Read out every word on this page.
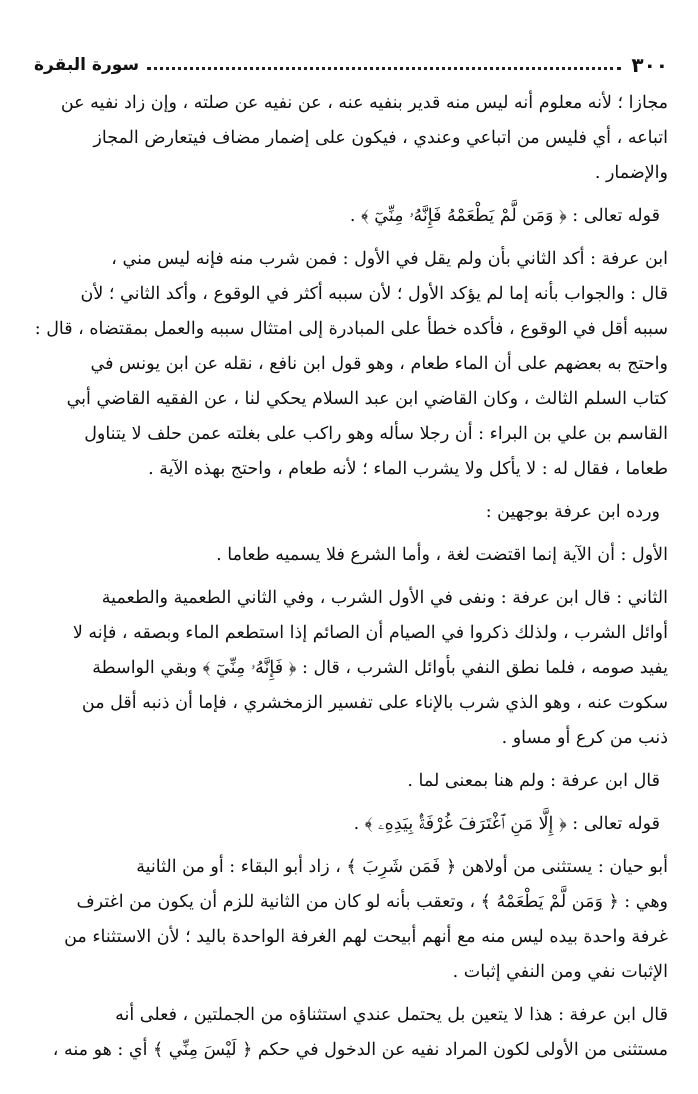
٣٠٠
سورة البقرة

مجازا ؛ لأنه معلوم أنه ليس منه قدير بنفيه عنه ، عن نفيه عن صلته ، وإن زاد نفيه عن
اتباعه ، أي فليس من اتباعي وعندي ، فيكون على إضمار مضاف فيتعارض المجاز
والإضمار .

قوله تعالى : ﴿ وَمَن لَّمْ يَطْعَمْهُ فَإِنَّهُۥ مِنِّيٓ ﴾ .

ابن عرفة : أكد الثاني بأن ولم يقل في الأول : فمن شرب منه فإنه ليس مني ،
قال : والجواب بأنه إما لم يؤكد الأول ؛ لأن سببه أكثر في الوقوع ، وأكد الثاني ؛ لأن
سببه أقل في الوقوع ، فأكده خطأ على المبادرة إلى امتثال سببه والعمل بمقتضاه ، قال :
واحتج به بعضهم على أن الماء طعام ، وهو قول ابن نافع ، نقله عن ابن يونس في
كتاب السلم الثالث ، وكان القاضي ابن عبد السلام يحكي لنا ، عن الفقيه القاضي أبي
القاسم بن علي بن البراء : أن رجلا سأله وهو راكب على بغلته عمن حلف لا يتناول
طعاما ، فقال له : لا يأكل ولا يشرب الماء ؛ لأنه طعام ، واحتج بهذه الآية .

ورده ابن عرفة بوجهين :

الأول : أن الآية إنما اقتضت لغة ، وأما الشرع فلا يسميه طعاما .

الثاني : قال ابن عرفة : ونفى في الأول الشرب ، وفي الثاني الطعمية والطعمية
أوائل الشرب ، ولذلك ذكروا في الصيام أن الصائم إذا استطعم الماء وبصقه ، فإنه لا
يفيد صومه ، فلما نطق النفي بأوائل الشرب ، قال : ﴿ فَإِنَّهُۥ مِنِّيٓ ﴾ وبقي الواسطة
سكوت عنه ، وهو الذي شرب بالإناء على تفسير الزمخشري ، فإما أن ذنبه أقل من
ذنب من كرع أو مساو .

قال ابن عرفة : ولم هنا بمعنى لما .

قوله تعالى : ﴿ إِلَّا مَنِ ٱغْتَرَفَ غُرْفَةًۢ بِيَدِهِۦ ﴾ .

أبو حيان : يستثنى من أولاهن ﴿ فَمَن شَرِبَ ﴾ ، زاد أبو البقاء : أو من الثانية
وهي : ﴿ وَمَن لَّمْ يَطْعَمْهُ ﴾ ، وتعقب بأنه لو كان من الثانية للزم أن يكون من اغترف
غرفة واحدة بيده ليس منه مع أنهم أبيحت لهم الغرفة الواحدة باليد ؛ لأن الاستثناء من
الإثبات نفي ومن النفي إثبات .

قال ابن عرفة : هذا لا يتعين بل يحتمل عندي استثناؤه من الجملتين ، فعلى أنه
مستثنى من الأولى لكون المراد نفيه عن الدخول في حكم ﴿ لَيْسَ مِنِّي ﴾ أي : هو منه ،
